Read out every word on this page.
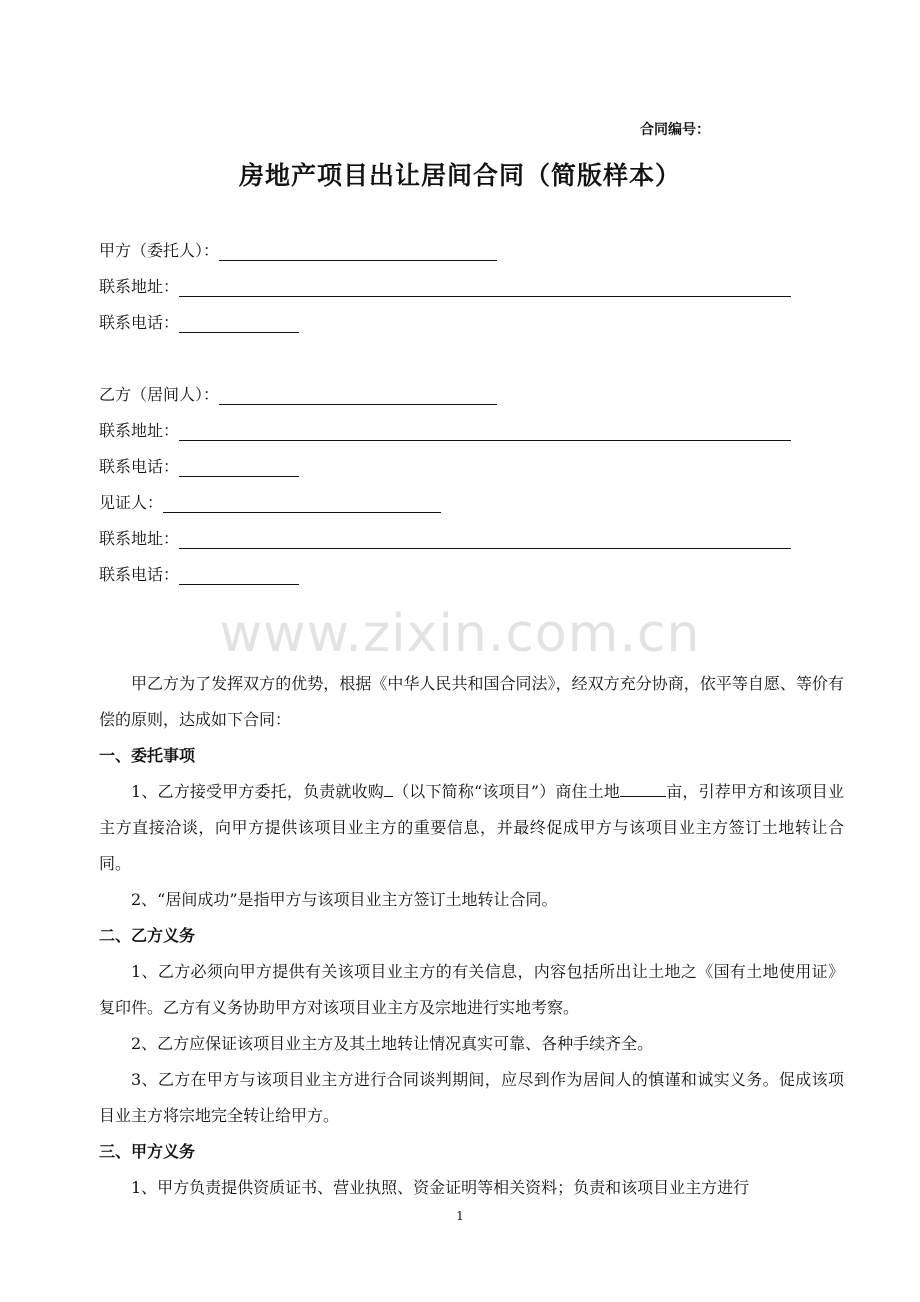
合同编号：
房地产项目出让居间合同（简版样本）
甲方（委托人）：
联系地址：
联系电话：
乙方（居间人）：
联系地址：
联系电话：
见证人：
联系地址：
联系电话：
www.zixin.com.cn

甲乙方为了发挥双方的优势，根据《中华人民共和国合同法》，经双方充分协商，依平等自愿、等价有偿的原则，达成如下合同：

一、委托事项

1、乙方接受甲方委托，负责就收购 （以下简称“该项目”）商住土地	亩，引荐甲方和该项目业主方直接洽谈，向甲方提供该项目业主方的重要信息，并最终促成甲方与该项目业主方签订土地转让合同。

2、“居间成功”是指甲方与该项目业主方签订土地转让合同。

二、乙方义务

1、乙方必须向甲方提供有关该项目业主方的有关信息，内容包括所出让土地之《国有土地使用证》复印件。乙方有义务协助甲方对该项目业主方及宗地进行实地考察。

2、乙方应保证该项目业主方及其土地转让情况真实可靠、各种手续齐全。

3、乙方在甲方与该项目业主方进行合同谈判期间，应尽到作为居间人的慎谨和诚实义务。促成该项目业主方将宗地完全转让给甲方。

三、甲方义务

1、甲方负责提供资质证书、营业执照、资金证明等相关资料；负责和该项目业主方进行

1
